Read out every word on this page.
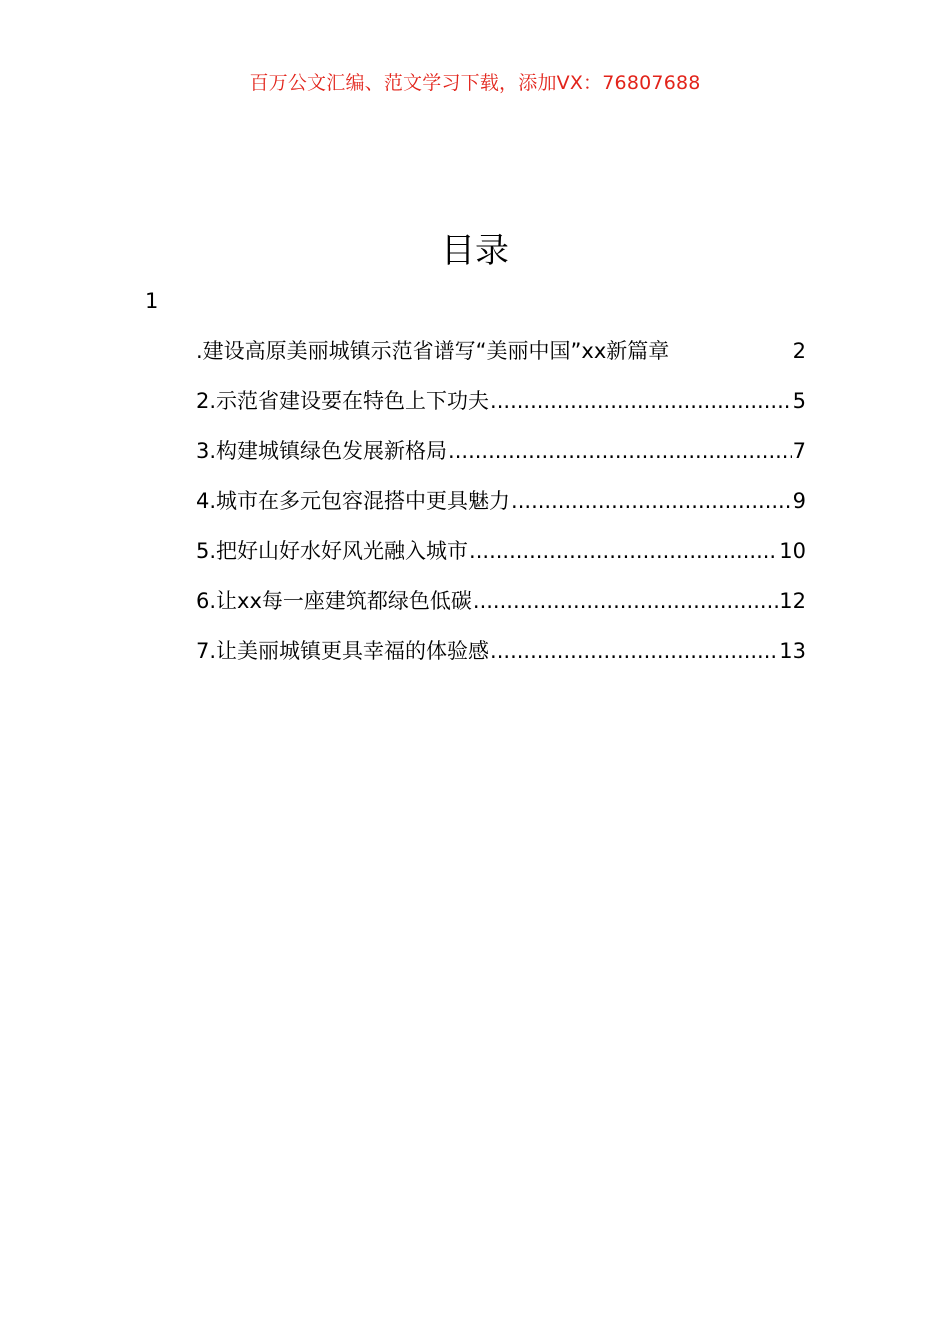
百万公文汇编、范文学习下载，添加VX：76807688
目录
1
.建设高原美丽城镇示范省谱写“美丽中国”xx新篇章	2
2.示范省建设要在特色上下功夫 .....	5
3.构建城镇绿色发展新格局 .....	7
4.城市在多元包容混搭中更具魅力 .....	9
5.把好山好水好风光融入城市 .....	10
6.让xx每一座建筑都绿色低碳 .....	12
7.让美丽城镇更具幸福的体验感 .....	13
